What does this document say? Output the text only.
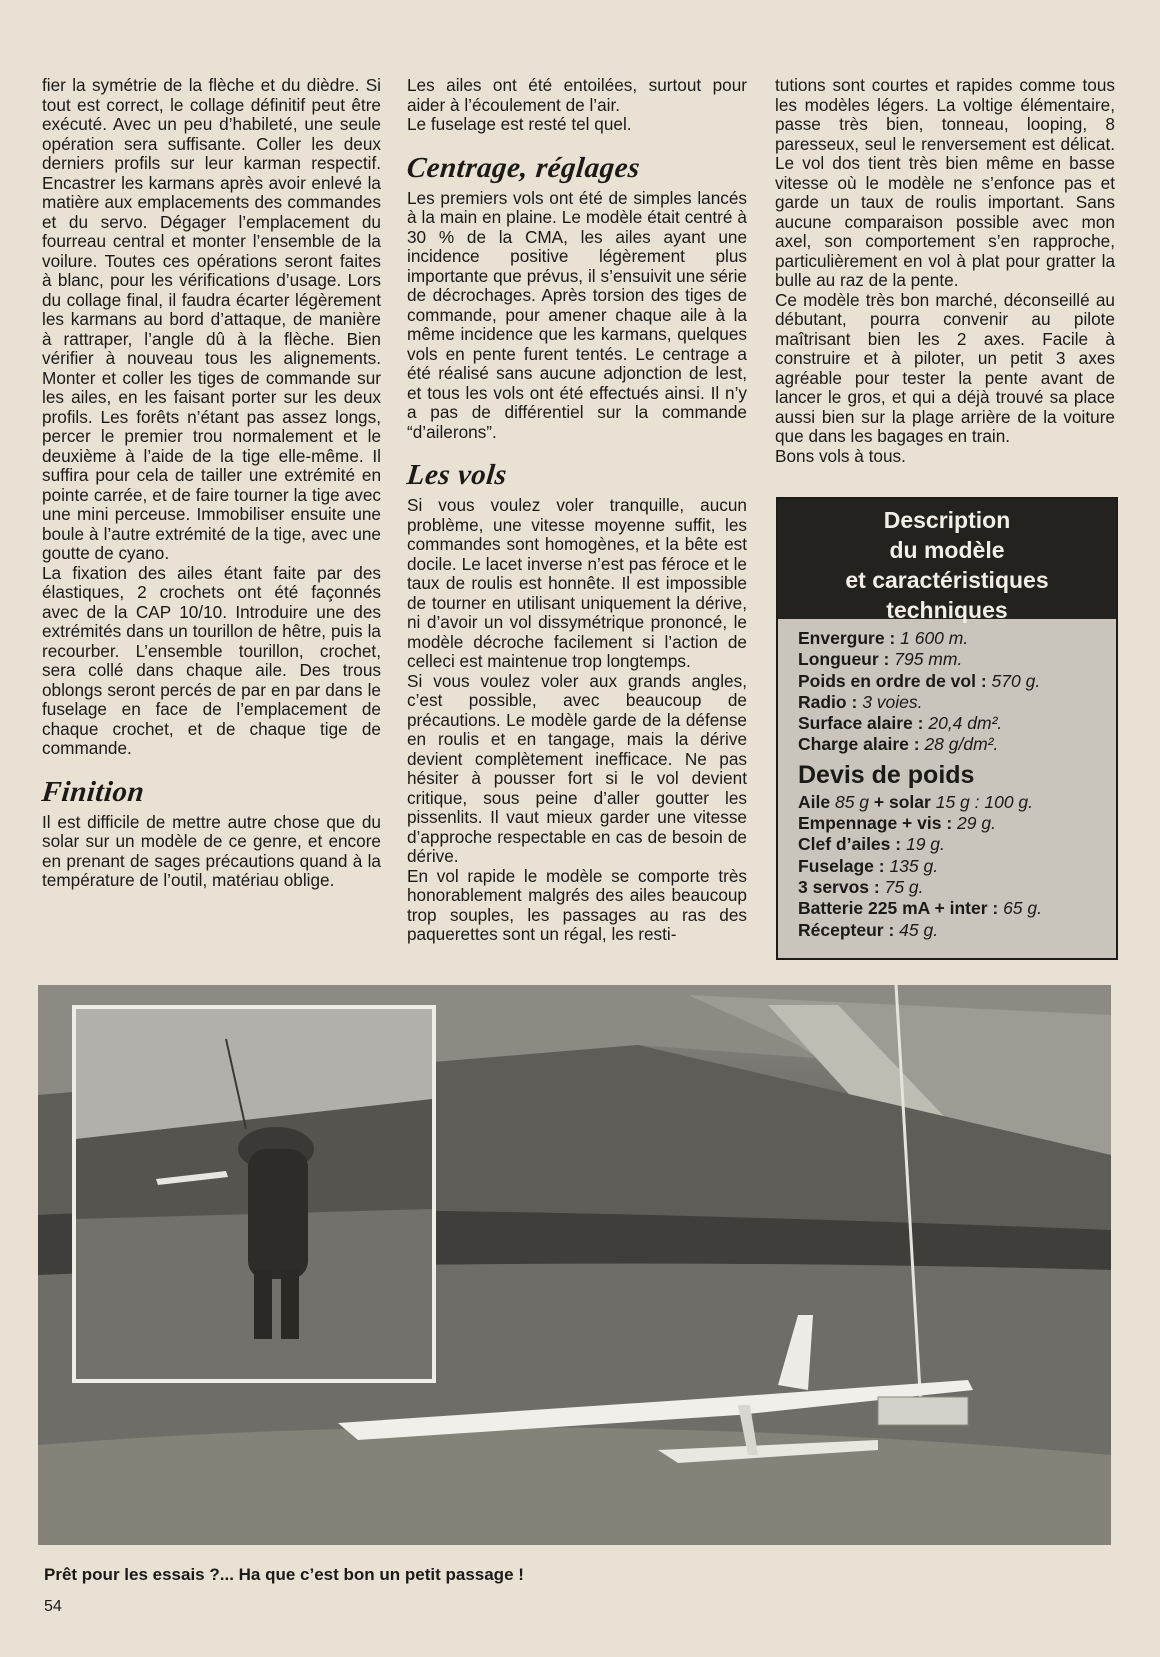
fier la symétrie de la flèche et du dièdre. Si tout est correct, le collage définitif peut être exécuté. Avec un peu d’habileté, une seule opération sera suffisante. Coller les deux derniers profils sur leur karman respectif. Encastrer les karmans après avoir enlevé la matière aux emplacements des commandes et du servo. Dégager l’emplacement du fourreau central et monter l’ensemble de la voilure. Toutes ces opérations seront faites à blanc, pour les vérifications d’usage. Lors du collage final, il faudra écarter légèrement les karmans au bord d’attaque, de manière à rattraper, l’angle dû à la flèche. Bien vérifier à nouveau tous les alignements. Monter et coller les tiges de commande sur les ailes, en les faisant porter sur les deux profils. Les forêts n’étant pas assez longs, percer le premier trou normalement et le deuxième à l’aide de la tige elle-même. Il suffira pour cela de tailler une extrémité en pointe carrée, et de faire tourner la tige avec une mini perceuse. Immobiliser ensuite une boule à l’autre extrémité de la tige, avec une goutte de cyano.

La fixation des ailes étant faite par des élastiques, 2 crochets ont été façonnés avec de la CAP 10/10. Introduire une des extrémités dans un tourillon de hêtre, puis la recourber. L’ensemble tourillon, crochet, sera collé dans chaque aile. Des trous oblongs seront percés de par en par dans le fuselage en face de l’emplacement de chaque crochet, et de chaque tige de commande.

Finition

Il est difficile de mettre autre chose que du solar sur un modèle de ce genre, et encore en prenant de sages précautions quand à la température de l’outil, matériau oblige.

Les ailes ont été entoilées, surtout pour aider à l’écoulement de l’air.

Le fuselage est resté tel quel.

Centrage, réglages

Les premiers vols ont été de simples lancés à la main en plaine. Le modèle était centré à 30 % de la CMA, les ailes ayant une incidence positive légèrement plus importante que prévus, il s’ensuivit une série de décrochages. Après torsion des tiges de commande, pour amener chaque aile à la même incidence que les karmans, quelques vols en pente furent tentés. Le centrage a été réalisé sans aucune adjonction de lest, et tous les vols ont été effectués ainsi. Il n’y a pas de différentiel sur la commande “d’ailerons”.

Les vols

Si vous voulez voler tranquille, aucun problème, une vitesse moyenne suffit, les commandes sont homogènes, et la bête est docile. Le lacet inverse n’est pas féroce et le taux de roulis est honnête. Il est impossible de tourner en utilisant uniquement la dérive, ni d’avoir un vol dissymétrique prononcé, le modèle décroche facilement si l’action de celleci est maintenue trop longtemps.

Si vous voulez voler aux grands angles, c’est possible, avec beaucoup de précautions. Le modèle garde de la défense en roulis et en tangage, mais la dérive devient complètement inefficace. Ne pas hésiter à pousser fort si le vol devient critique, sous peine d’aller goutter les pissenlits. Il vaut mieux garder une vitesse d’approche respectable en cas de besoin de dérive.

En vol rapide le modèle se comporte très honorablement malgrés des ailes beaucoup trop souples, les passages au ras des paquerettes sont un régal, les resti-

tutions sont courtes et rapides comme tous les modèles légers. La voltige élémentaire, passe très bien, tonneau, looping, 8 paresseux, seul le renversement est délicat. Le vol dos tient très bien même en basse vitesse où le modèle ne s’enfonce pas et garde un taux de roulis important. Sans aucune comparaison possible avec mon axel, son comportement s’en rapproche, particulièrement en vol à plat pour gratter la bulle au raz de la pente.

Ce modèle très bon marché, déconseillé au débutant, pourra convenir au pilote maîtrisant bien les 2 axes. Facile à construire et à piloter, un petit 3 axes agréable pour tester la pente avant de lancer le gros, et qui a déjà trouvé sa place aussi bien sur la plage arrière de la voiture que dans les bagages en train.

Bons vols à tous.

Description
du modèle
et caractéristiques
techniques
Envergure : 1 600 m.
Longueur : 795 mm.
Poids en ordre de vol : 570 g.
Radio : 3 voies.
Surface alaire : 20,4 dm².
Charge alaire : 28 g/dm².
Devis de poids
Aile 85 g + solar 15 g : 100 g.
Empennage + vis : 29 g.
Clef d’ailes : 19 g.
Fuselage : 135 g.
3 servos : 75 g.
Batterie 225 mA + inter : 65 g.
Récepteur : 45 g.
Prêt pour les essais ?... Ha que c’est bon un petit passage !
54
